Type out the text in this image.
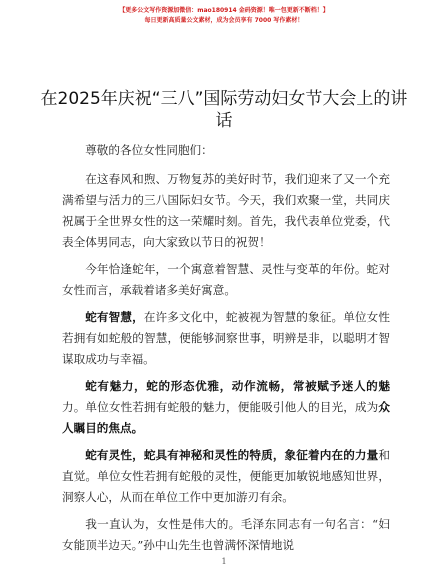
【更多公文写作资源加微信：mao180914 金码资源！唯一包更新不断档！】
每日更新高质量公文素材，成为会员享有 7000 写作素材！
在2025年庆祝“三八”国际劳动妇女节大会上的讲话

尊敬的各位女性同胞们：

在这春风和煦、万物复苏的美好时节，我们迎来了又一个充满希望与活力的三八国际妇女节。今天，我们欢聚一堂，共同庆祝属于全世界女性的这一荣耀时刻。首先，我代表单位党委，代表全体男同志，向大家致以节日的祝贺！

今年恰逢蛇年，一个寓意着智慧、灵性与变革的年份。蛇对女性而言，承载着诸多美好寓意。

蛇有智慧，在许多文化中，蛇被视为智慧的象征。单位女性若拥有如蛇般的智慧，便能够洞察世事，明辨是非，以聪明才智谋取成功与幸福。

蛇有魅力，蛇的形态优雅，动作流畅，常被赋予迷人的魅力。单位女性若拥有蛇般的魅力，便能吸引他人的目光，成为众人瞩目的焦点。

蛇有灵性，蛇具有神秘和灵性的特质，象征着内在的力量和直觉。单位女性若拥有蛇般的灵性，便能更加敏锐地感知世界，洞察人心，从而在单位工作中更加游刃有余。

我一直认为，女性是伟大的。毛泽东同志有一句名言：“妇女能顶半边天。”孙中山先生也曾满怀深情地说

1
